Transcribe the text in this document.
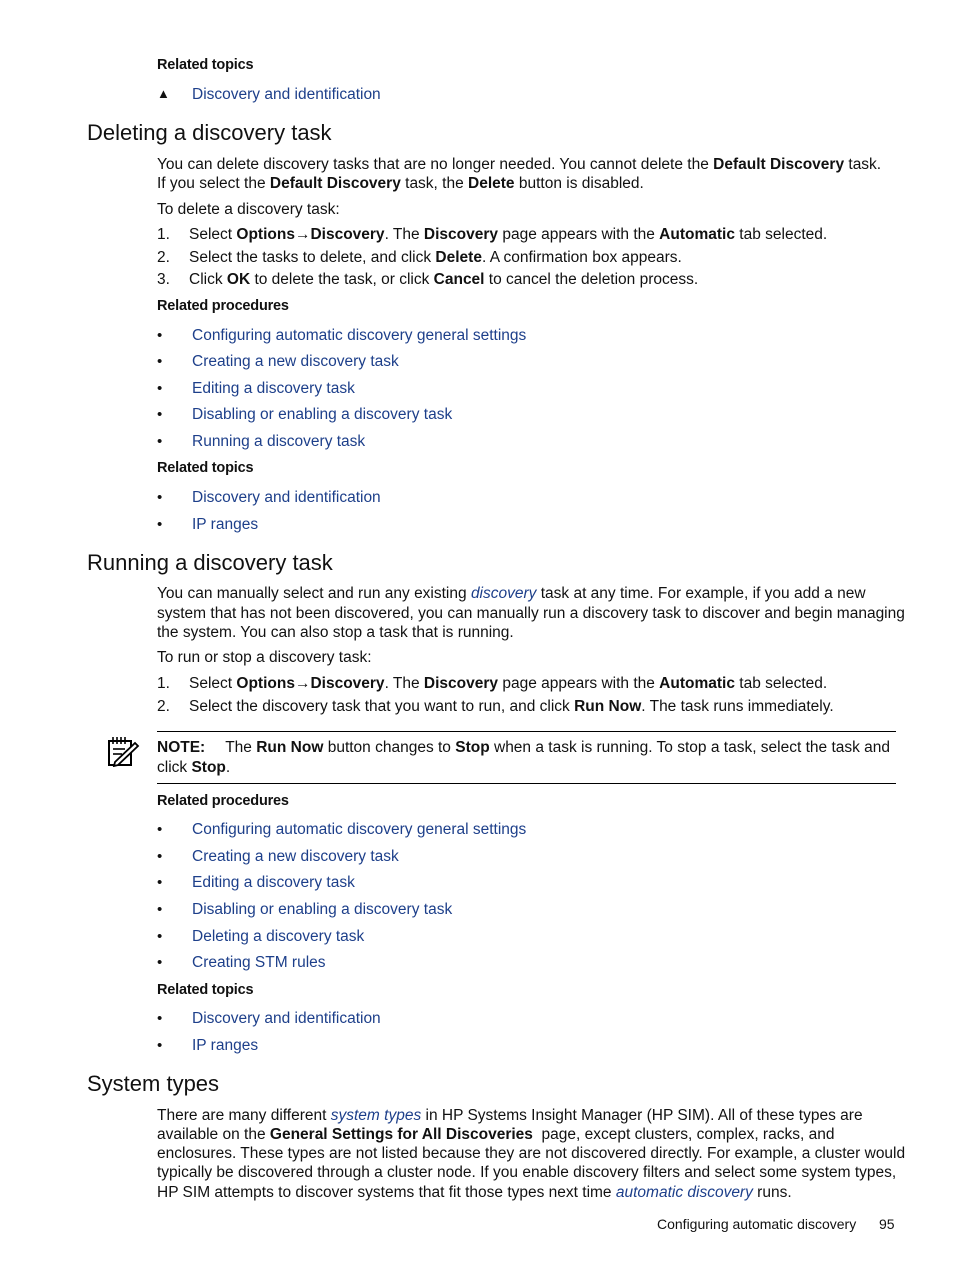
Related topics
▲ Discovery and identification
Deleting a discovery task
You can delete discovery tasks that are no longer needed. You cannot delete the Default Discovery task.
If you select the Default Discovery task, the Delete button is disabled.
To delete a discovery task:
1. Select Options→Discovery. The Discovery page appears with the Automatic tab selected.
2. Select the tasks to delete, and click Delete. A confirmation box appears.
3. Click OK to delete the task, or click Cancel to cancel the deletion process.
Related procedures
• Configuring automatic discovery general settings
• Creating a new discovery task
• Editing a discovery task
• Disabling or enabling a discovery task
• Running a discovery task
Related topics
• Discovery and identification
• IP ranges
Running a discovery task
You can manually select and run any existing discovery task at any time. For example, if you add a new
system that has not been discovered, you can manually run a discovery task to discover and begin managing
the system. You can also stop a task that is running.
To run or stop a discovery task:
1. Select Options→Discovery. The Discovery page appears with the Automatic tab selected.
2. Select the discovery task that you want to run, and click Run Now. The task runs immediately.
NOTE: The Run Now button changes to Stop when a task is running. To stop a task, select the task and
click Stop.
Related procedures
• Configuring automatic discovery general settings
• Creating a new discovery task
• Editing a discovery task
• Disabling or enabling a discovery task
• Deleting a discovery task
• Creating STM rules
Related topics
• Discovery and identification
• IP ranges
System types
There are many different system types in HP Systems Insight Manager (HP SIM). All of these types are
available on the General Settings for All Discoveries  page, except clusters, complex, racks, and
enclosures. These types are not listed because they are not discovered directly. For example, a cluster would
typically be discovered through a cluster node. If you enable discovery filters and select some system types,
HP SIM attempts to discover systems that fit those types next time automatic discovery runs.
Configuring automatic discovery 95
